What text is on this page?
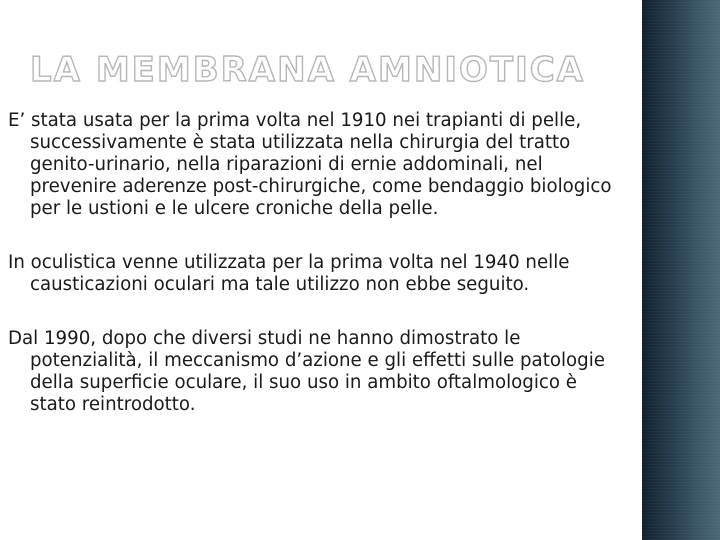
LA MEMBRANA AMNIOTICA

E’ stata usata per la prima volta nel 1910 nei trapianti di pelle, successivamente è stata utilizzata nella chirurgia del tratto genito-urinario, nella riparazioni di ernie addominali, nel prevenire aderenze post-chirurgiche, come bendaggio biologico per le ustioni e le ulcere croniche della pelle.

In oculistica venne utilizzata per la prima volta nel 1940 nelle causticazioni oculari ma tale utilizzo non ebbe seguito.

Dal 1990, dopo che diversi studi ne hanno dimostrato le potenzialità, il meccanismo d’azione e gli effetti sulle patologie della superficie oculare, il suo uso in ambito oftalmologico è stato reintrodotto.
